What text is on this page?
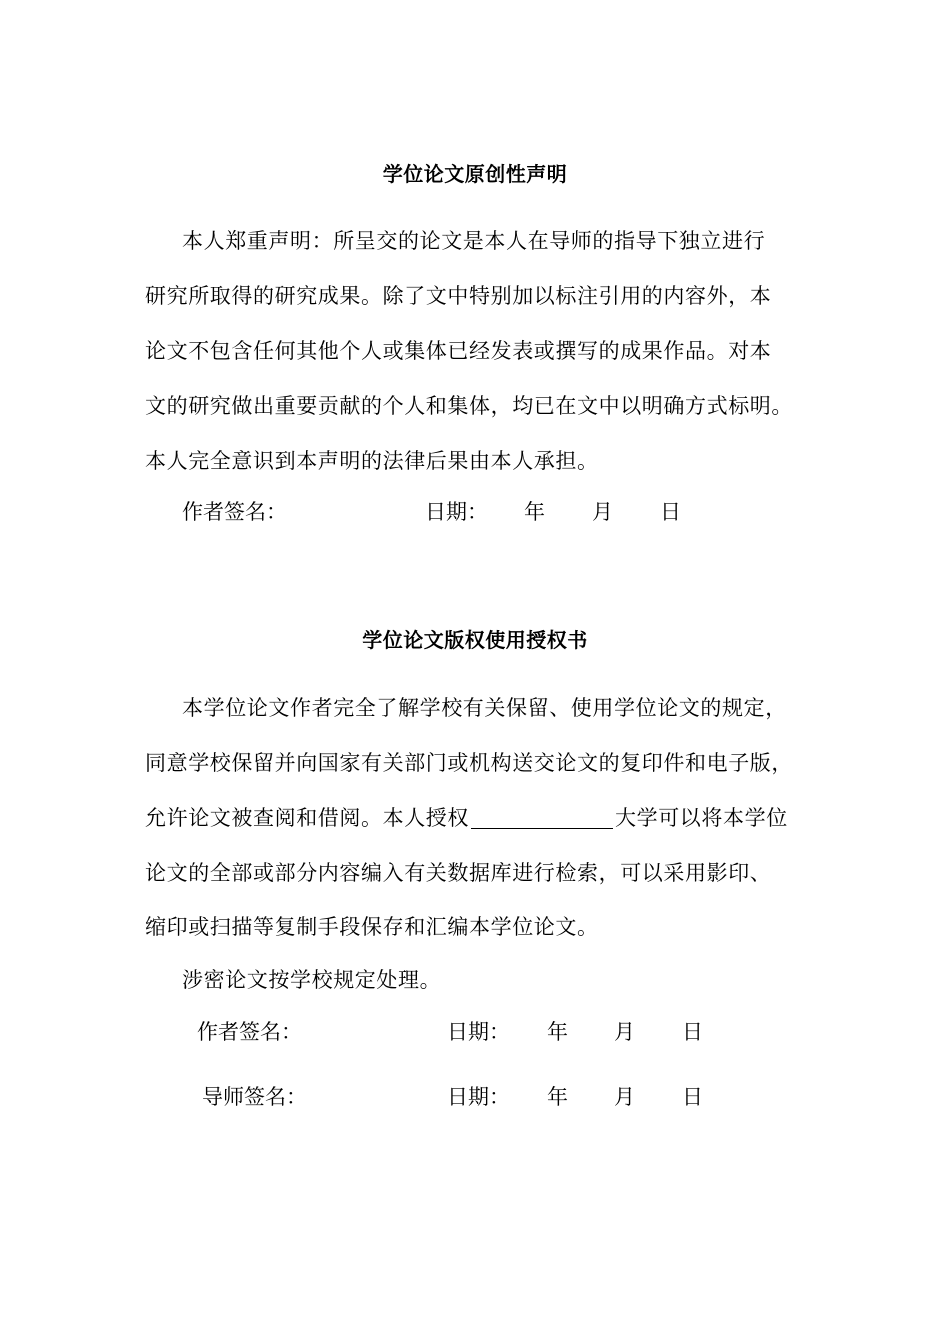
学位论文原创性声明
本人郑重声明：所呈交的论文是本人在导师的指导下独立进行
研究所取得的研究成果。除了文中特别加以标注引用的内容外，本
论文不包含任何其他个人或集体已经发表或撰写的成果作品。对本
文的研究做出重要贡献的个人和集体，均已在文中以明确方式标明。
本人完全意识到本声明的法律后果由本人承担。
作者签名：	日期： 年 月 日
学位论文版权使用授权书
本学位论文作者完全了解学校有关保留、使用学位论文的规定，
同意学校保留并向国家有关部门或机构送交论文的复印件和电子版，
允许论文被查阅和借阅。本人授权	大学可以将本学位
论文的全部或部分内容编入有关数据库进行检索，可以采用影印、
缩印或扫描等复制手段保存和汇编本学位论文。
涉密论文按学校规定处理。
作者签名：	日期： 年 月 日
导师签名：	日期： 年 月 日
